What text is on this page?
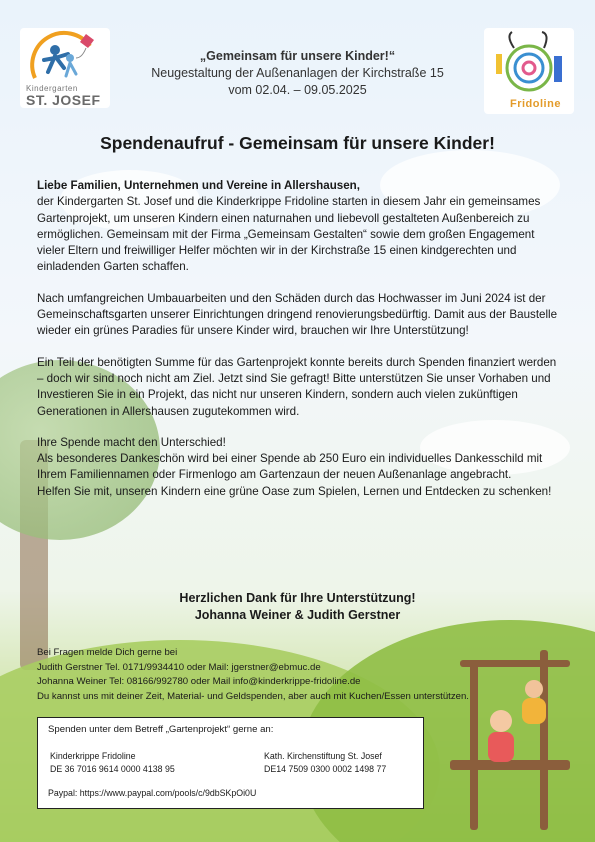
Kindergarten
ST. JOSEF
„Gemeinsam für unsere Kinder!“
Neugestaltung der Außenanlagen der Kirchstraße 15
vom 02.04. – 09.05.2025
Fridoline
Spendenaufruf - Gemeinsam für unsere Kinder!

Liebe Familien, Unternehmen und Vereine in Allershausen,
der Kindergarten St. Josef und die Kinderkrippe Fridoline starten in diesem Jahr ein gemeinsames Gartenprojekt, um unseren Kindern einen naturnahen und liebevoll gestalteten Außenbereich zu ermöglichen. Gemeinsam mit der Firma „Gemeinsam Gestalten“ sowie dem großen Engagement vieler Eltern und freiwilliger Helfer möchten wir in der Kirchstraße 15 einen kindgerechten und einladenden Garten schaffen.

Nach umfangreichen Umbauarbeiten und den Schäden durch das Hochwasser im Juni 2024 ist der Gemeinschaftsgarten unserer Einrichtungen dringend renovierungsbedürftig. Damit aus der Baustelle wieder ein grünes Paradies für unsere Kinder wird, brauchen wir Ihre Unterstützung!

Ein Teil der benötigten Summe für das Gartenprojekt konnte bereits durch Spenden finanziert werden – doch wir sind noch nicht am Ziel. Jetzt sind Sie gefragt! Bitte unterstützen Sie unser Vorhaben und Investieren Sie in ein Projekt, das nicht nur unseren Kindern, sondern auch vielen zukünftigen Generationen in Allershausen zugutekommen wird.

Ihre Spende macht den Unterschied!
Als besonderes Dankeschön wird bei einer Spende ab 250 Euro ein individuelles Dankesschild mit Ihrem Familiennamen oder Firmenlogo am Gartenzaun der neuen Außenanlage angebracht.
Helfen Sie mit, unseren Kindern eine grüne Oase zum Spielen, Lernen und Entdecken zu schenken!

Herzlichen Dank für Ihre Unterstützung!
Johanna Weiner & Judith Gerstner
Bei Fragen melde Dich gerne bei
Judith Gerstner Tel. 0171/9934410 oder Mail: jgerstner@ebmuc.de
Johanna Weiner Tel: 08166/992780 oder Mail info@kinderkrippe-fridoline.de
Du kannst uns mit deiner Zeit, Material- und Geldspenden, aber auch mit Kuchen/Essen unterstützen.
Spenden unter dem Betreff „Gartenprojekt“ gerne an:
Kinderkrippe Fridoline
DE 36 7016 9614 0000 4138 95
Kath. Kirchenstiftung St. Josef
DE14 7509 0300 0002 1498 77
Paypal: https://www.paypal.com/pools/c/9dbSKpOi0U
